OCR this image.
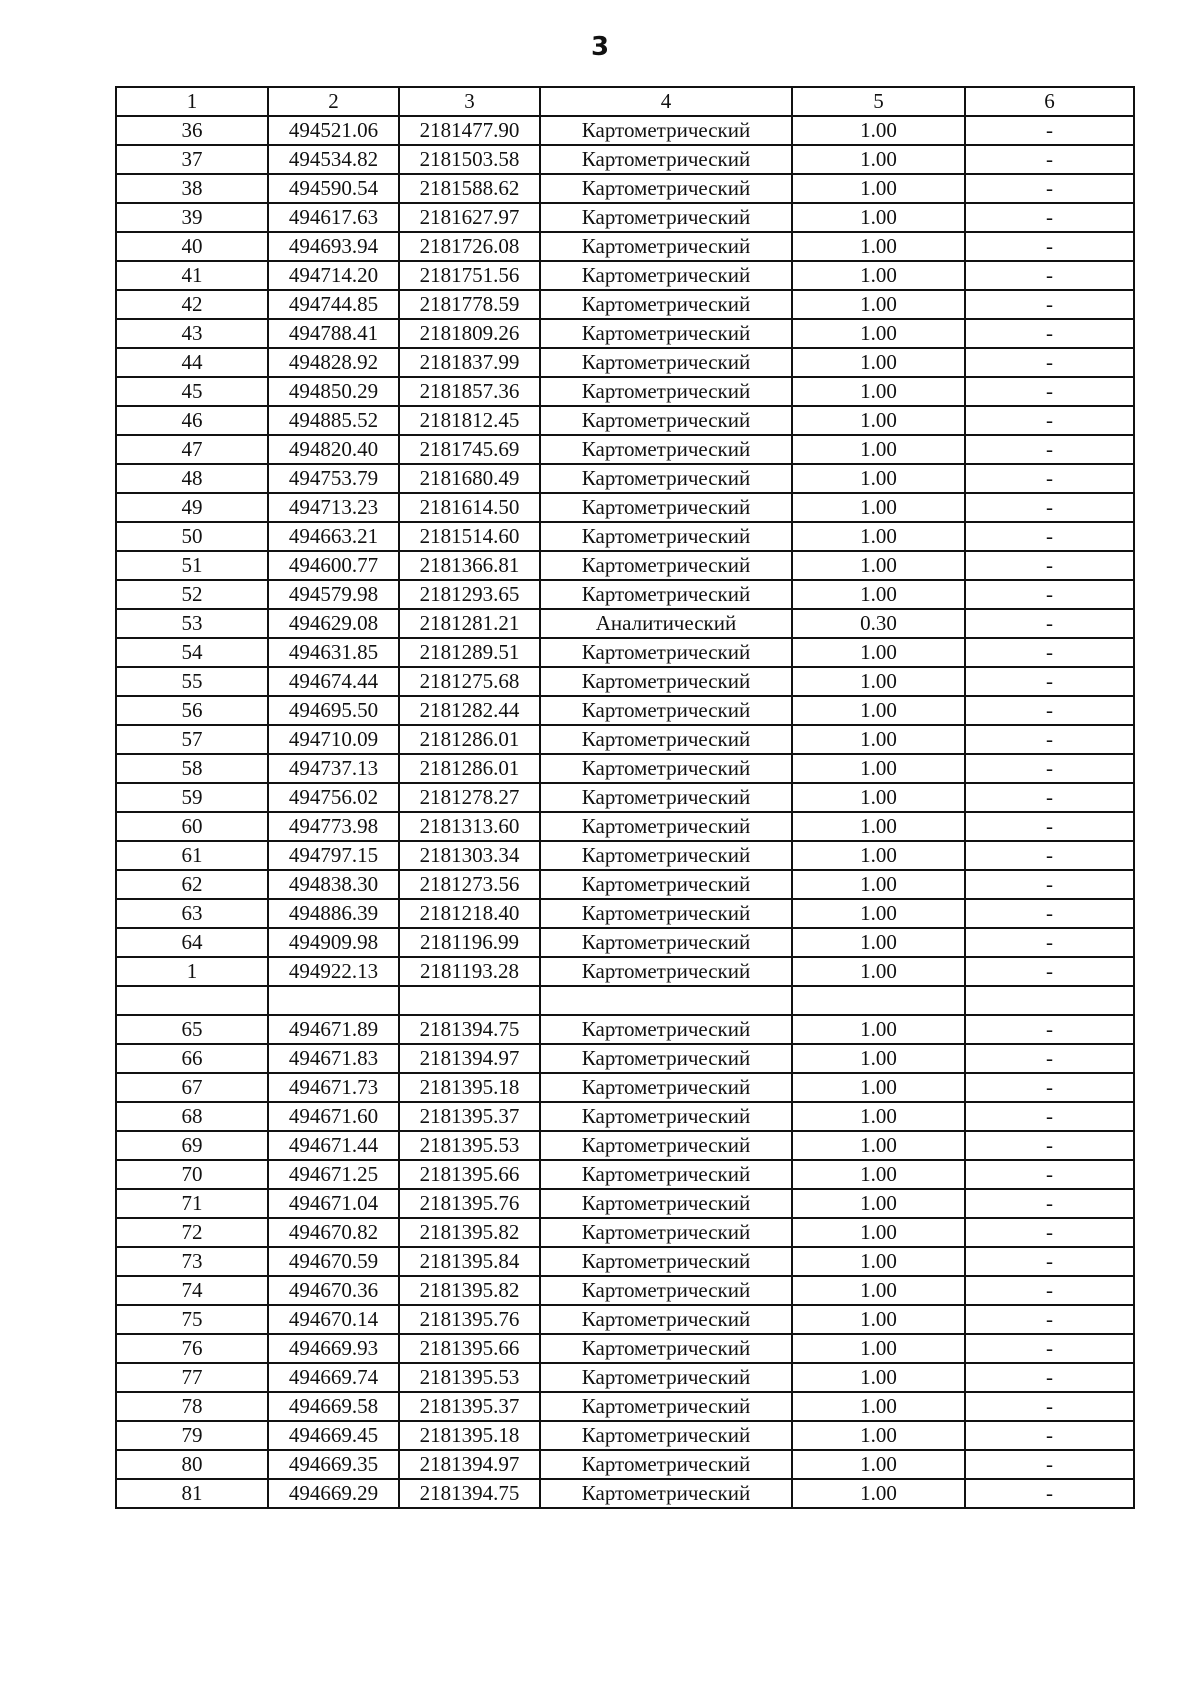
3
1	2	3	4	5	6
36	494521.06	2181477.90	Картометрический	1.00	-
37	494534.82	2181503.58	Картометрический	1.00	-
38	494590.54	2181588.62	Картометрический	1.00	-
39	494617.63	2181627.97	Картометрический	1.00	-
40	494693.94	2181726.08	Картометрический	1.00	-
41	494714.20	2181751.56	Картометрический	1.00	-
42	494744.85	2181778.59	Картометрический	1.00	-
43	494788.41	2181809.26	Картометрический	1.00	-
44	494828.92	2181837.99	Картометрический	1.00	-
45	494850.29	2181857.36	Картометрический	1.00	-
46	494885.52	2181812.45	Картометрический	1.00	-
47	494820.40	2181745.69	Картометрический	1.00	-
48	494753.79	2181680.49	Картометрический	1.00	-
49	494713.23	2181614.50	Картометрический	1.00	-
50	494663.21	2181514.60	Картометрический	1.00	-
51	494600.77	2181366.81	Картометрический	1.00	-
52	494579.98	2181293.65	Картометрический	1.00	-
53	494629.08	2181281.21	Аналитический	0.30	-
54	494631.85	2181289.51	Картометрический	1.00	-
55	494674.44	2181275.68	Картометрический	1.00	-
56	494695.50	2181282.44	Картометрический	1.00	-
57	494710.09	2181286.01	Картометрический	1.00	-
58	494737.13	2181286.01	Картометрический	1.00	-
59	494756.02	2181278.27	Картометрический	1.00	-
60	494773.98	2181313.60	Картометрический	1.00	-
61	494797.15	2181303.34	Картометрический	1.00	-
62	494838.30	2181273.56	Картометрический	1.00	-
63	494886.39	2181218.40	Картометрический	1.00	-
64	494909.98	2181196.99	Картометрический	1.00	-
1	494922.13	2181193.28	Картометрический	1.00	-

65	494671.89	2181394.75	Картометрический	1.00	-
66	494671.83	2181394.97	Картометрический	1.00	-
67	494671.73	2181395.18	Картометрический	1.00	-
68	494671.60	2181395.37	Картометрический	1.00	-
69	494671.44	2181395.53	Картометрический	1.00	-
70	494671.25	2181395.66	Картометрический	1.00	-
71	494671.04	2181395.76	Картометрический	1.00	-
72	494670.82	2181395.82	Картометрический	1.00	-
73	494670.59	2181395.84	Картометрический	1.00	-
74	494670.36	2181395.82	Картометрический	1.00	-
75	494670.14	2181395.76	Картометрический	1.00	-
76	494669.93	2181395.66	Картометрический	1.00	-
77	494669.74	2181395.53	Картометрический	1.00	-
78	494669.58	2181395.37	Картометрический	1.00	-
79	494669.45	2181395.18	Картометрический	1.00	-
80	494669.35	2181394.97	Картометрический	1.00	-
81	494669.29	2181394.75	Картометрический	1.00	-
